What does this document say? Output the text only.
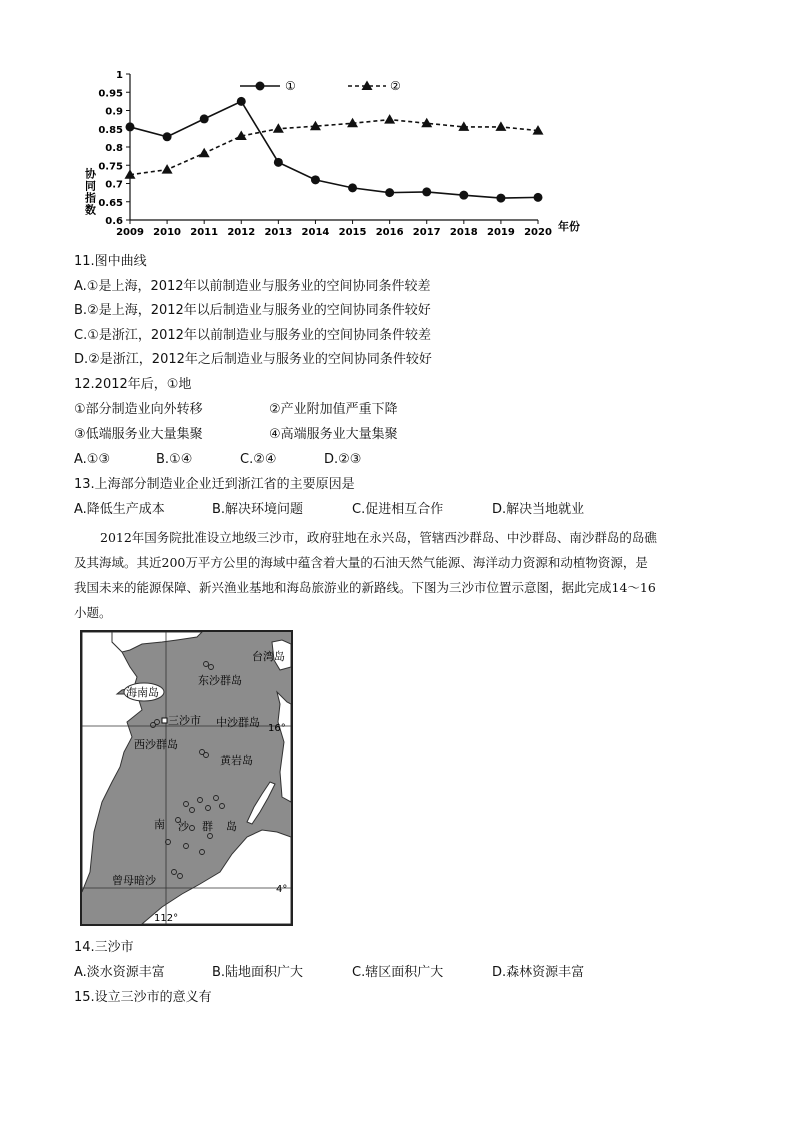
0.6
0.65
0.7
0.75
0.8
0.85
0.9
0.95
1
2009 2010 2011 2012 2013 2014 2015 2016 2017 2018 2019 2020
①	②
协同指数
年份
11.图中曲线
A.①是上海，2012年以前制造业与服务业的空间协同条件较差
B.②是上海，2012年以后制造业与服务业的空间协同条件较好
C.①是浙江，2012年以前制造业与服务业的空间协同条件较差
D.②是浙江，2012年之后制造业与服务业的空间协同条件较好
12.2012年后，①地
①部分制造业向外转移	②产业附加值严重下降
③低端服务业大量集聚	④高端服务业大量集聚
A.①③	B.①④	C.②④	D.②③
13.上海部分制造业企业迁到浙江省的主要原因是
A.降低生产成本	B.解决环境问题	C.促进相互合作	D.解决当地就业

2012年国务院批准设立地级三沙市，政府驻地在永兴岛，管辖西沙群岛、中沙群岛、南沙群岛的岛礁

及其海域。其近200万平方公里的海域中蕴含着大量的石油天然气能源、海洋动力资源和动植物资源，是

我国未来的能源保障、新兴渔业基地和海岛旅游业的新路线。下图为三沙市位置示意图，据此完成14～16

小题。

台湾岛
海南岛
东沙群岛
三沙市 中沙群岛
西沙群岛
黄岩岛
南 沙 群 岛
曾母暗沙
16°
4°
112°
14.三沙市
A.淡水资源丰富	B.陆地面积广大	C.辖区面积广大	D.森林资源丰富
15.设立三沙市的意义有
